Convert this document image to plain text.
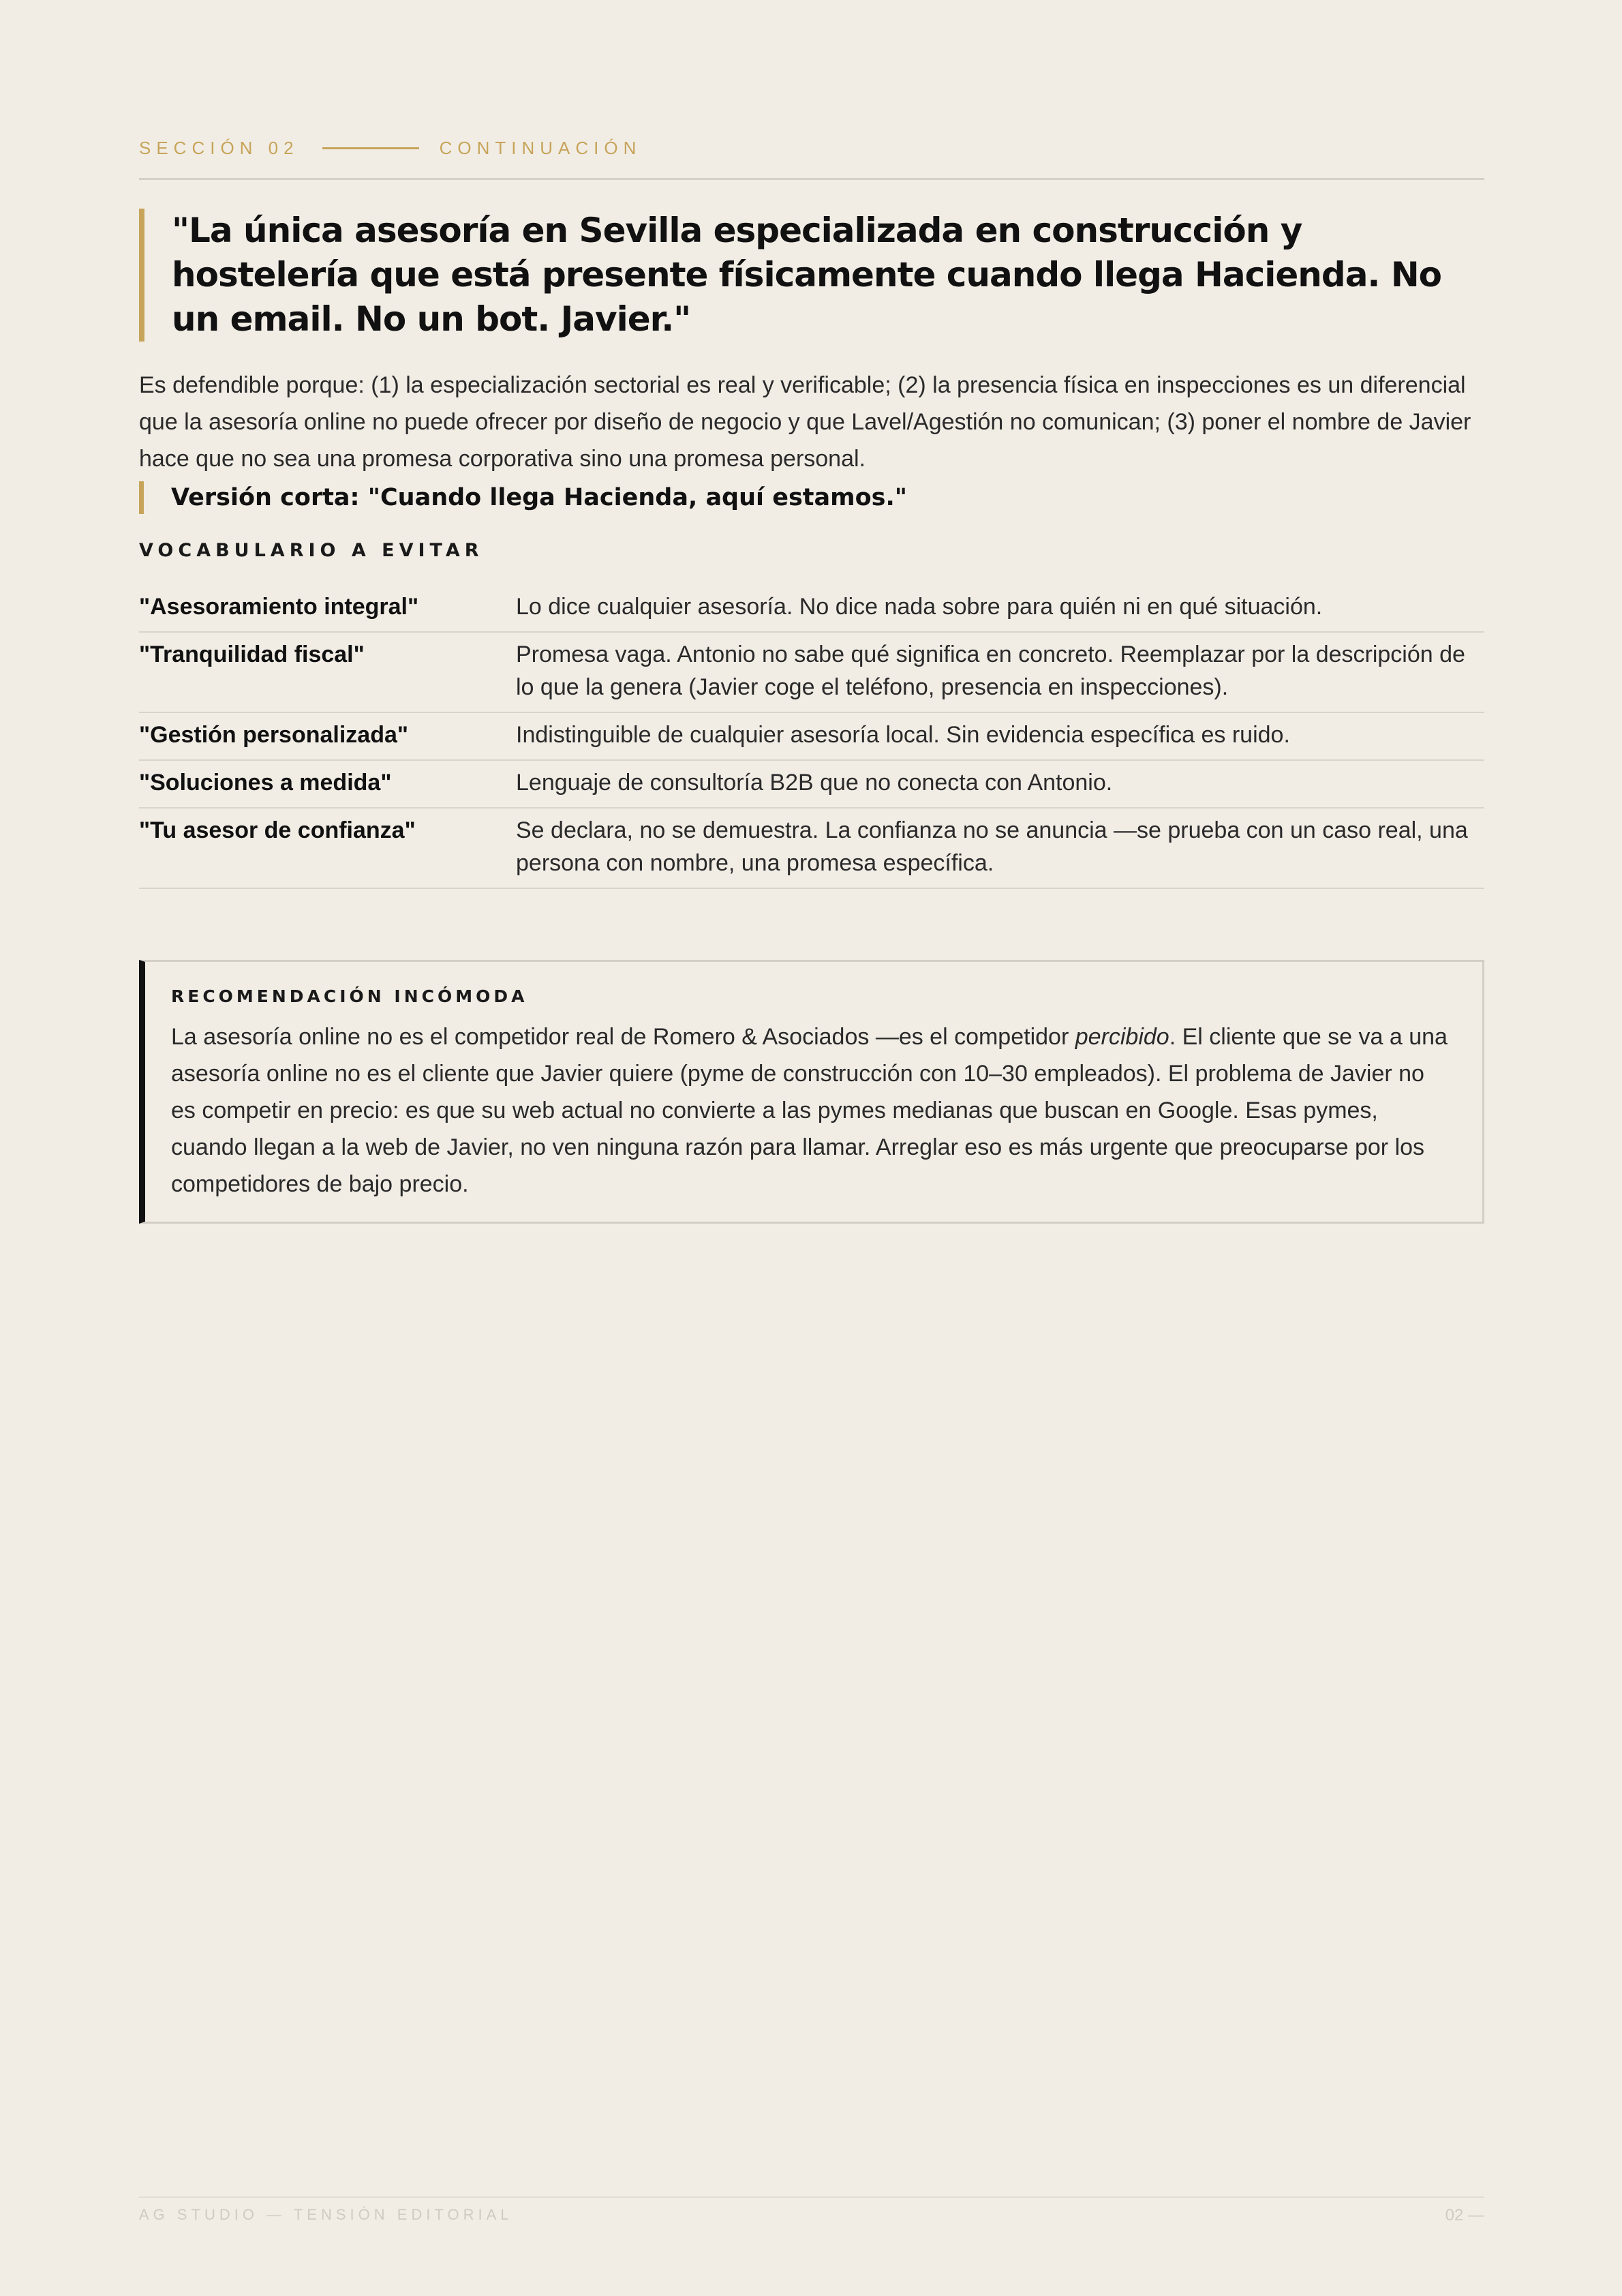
SECCIÓN 02	CONTINUACIÓN
"La única asesoría en Sevilla especializada en construcción y hostelería que está presente físicamente cuando llega Hacienda. No un email. No un bot. Javier."
Es defendible porque: (1) la especialización sectorial es real y verificable; (2) la presencia física en inspecciones es un diferencial que la asesoría online no puede ofrecer por diseño de negocio y que Lavel/Agestión no comunican; (3) poner el nombre de Javier hace que no sea una promesa corporativa sino una promesa personal.
Versión corta: "Cuando llega Hacienda, aquí estamos."
VOCABULARIO A EVITAR
"Asesoramiento integral"	Lo dice cualquier asesoría. No dice nada sobre para quién ni en qué situación.
"Tranquilidad fiscal"	Promesa vaga. Antonio no sabe qué significa en concreto. Reemplazar por la descripción de lo que la genera (Javier coge el teléfono, presencia en inspecciones).
"Gestión personalizada"	Indistinguible de cualquier asesoría local. Sin evidencia específica es ruido.
"Soluciones a medida"	Lenguaje de consultoría B2B que no conecta con Antonio.
"Tu asesor de confianza"	Se declara, no se demuestra. La confianza no se anuncia —se prueba con un caso real, una persona con nombre, una promesa específica.
RECOMENDACIÓN INCÓMODA
La asesoría online no es el competidor real de Romero & Asociados —es el competidor percibido. El cliente que se va a una asesoría online no es el cliente que Javier quiere (pyme de construcción con 10–30 empleados). El problema de Javier no es competir en precio: es que su web actual no convierte a las pymes medianas que buscan en Google. Esas pymes, cuando llegan a la web de Javier, no ven ninguna razón para llamar. Arreglar eso es más urgente que preocuparse por los competidores de bajo precio.
AG STUDIO — TENSIÓN EDITORIAL	02 —
